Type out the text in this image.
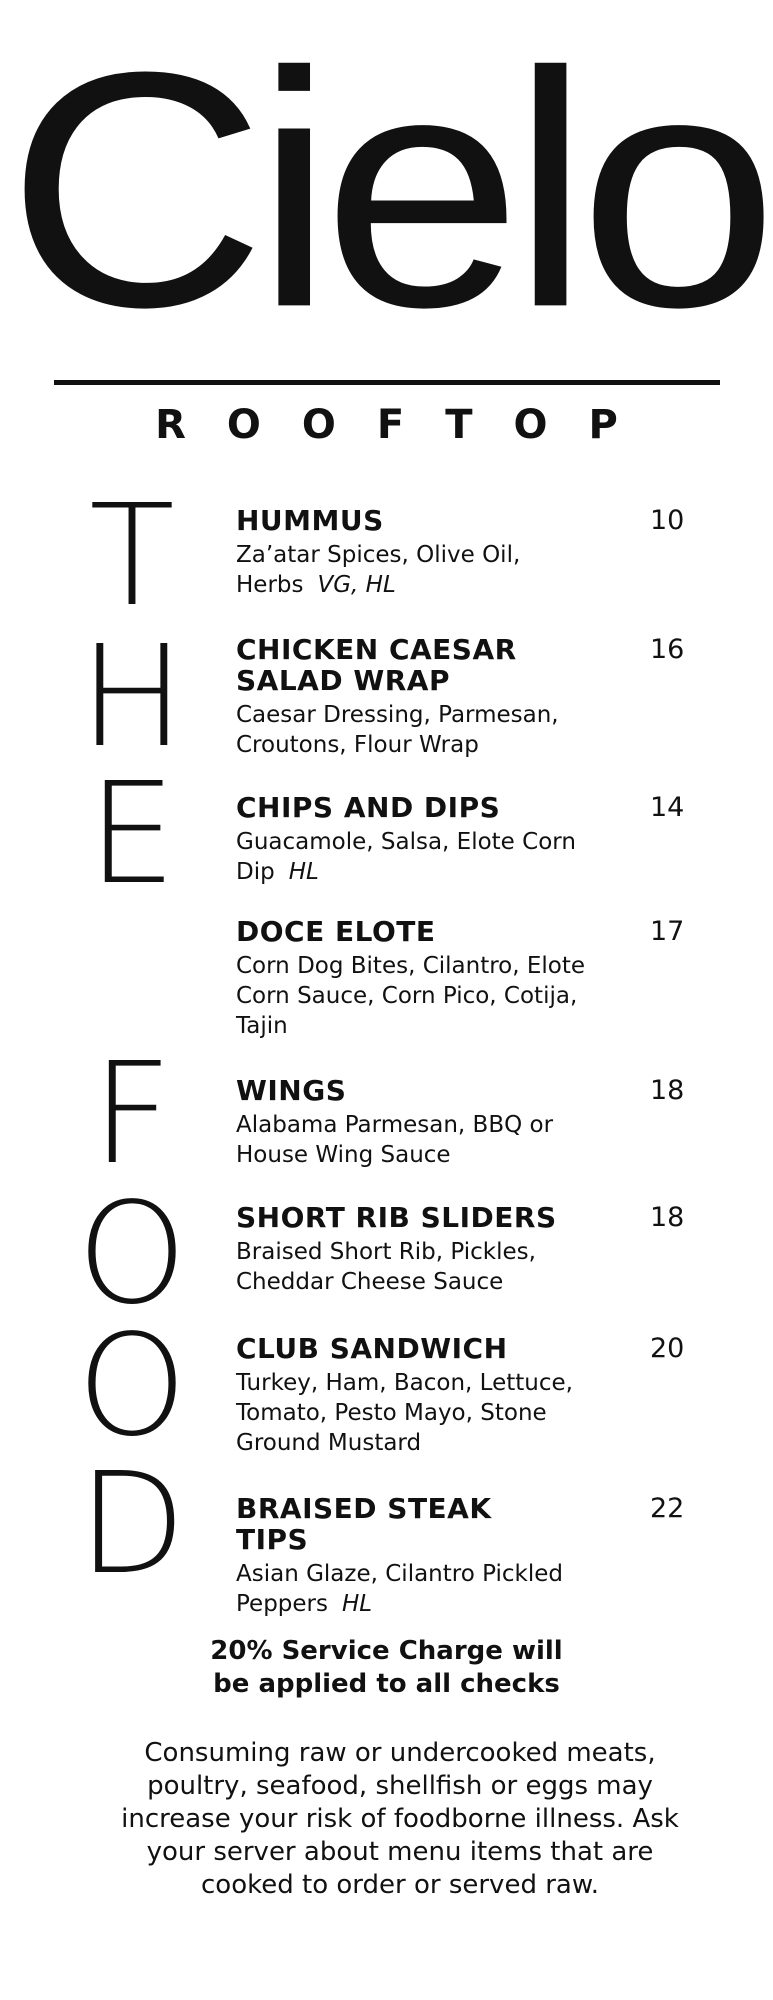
Cielo
ROOFTOP
T
H
E
F
O
O
D
HUMMUS
Za’atar Spices, Olive Oil, Herbs VG, HL
10
CHICKEN CAESAR SALAD WRAP
Caesar Dressing, Parmesan, Croutons, Flour Wrap
16
CHIPS AND DIPS
Guacamole, Salsa, Elote Corn Dip HL
14
DOCE ELOTE
Corn Dog Bites, Cilantro, Elote Corn Sauce, Corn Pico, Cotija, Tajin
17
WINGS
Alabama Parmesan, BBQ or House Wing Sauce
18
SHORT RIB SLIDERS
Braised Short Rib, Pickles, Cheddar Cheese Sauce
18
CLUB SANDWICH
Turkey, Ham, Bacon, Lettuce, Tomato, Pesto Mayo, Stone Ground Mustard
20
BRAISED STEAK TIPS
Asian Glaze, Cilantro Pickled Peppers HL
22
20% Service Charge will
be applied to all checks
Consuming raw or undercooked meats, poultry, seafood, shellfish or eggs may increase your risk of foodborne illness. Ask your server about menu items that are cooked to order or served raw.
